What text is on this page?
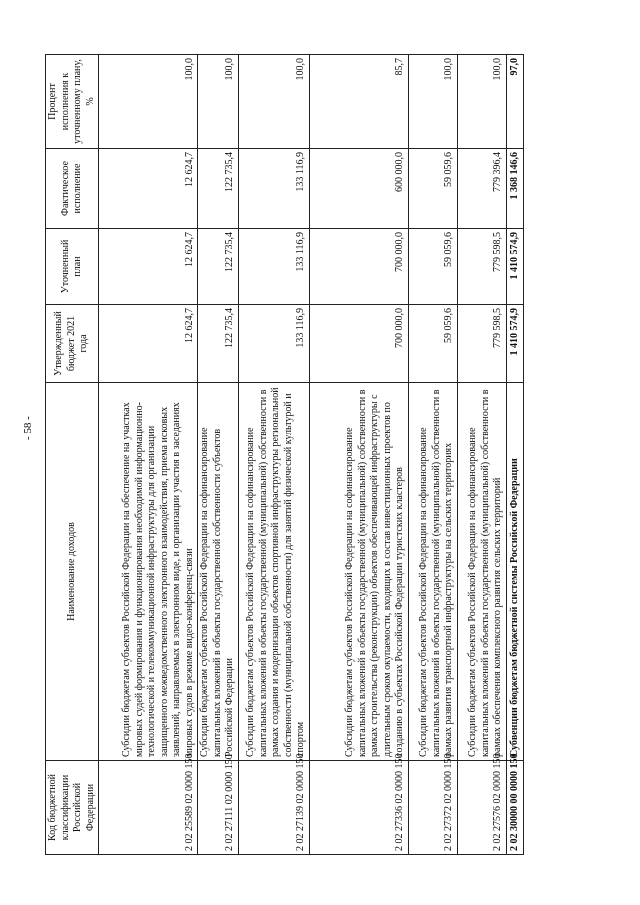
- 58 -
Код бюджетной классификации Российской Федерации	Наименование доходов	Утвержденный бюджет 2021 года	Уточненный план	Фактическое исполнение	Процент исполнения к уточненному плану, %
2 02 25589 02 0000 150	Субсидии бюджетам субъектов Российской Федерации на обеспечение на участках мировых судей формирования и функционирования необходимой информационно-технологической и телекоммуникационной инфраструктуры для организации защищенного межведомственного электронного взаимодействия, приема исковых заявлений, направляемых в электронном виде, и организации участия в заседаниях мировых судов в режиме видео-конференц-связи	12 624,7	12 624,7	12 624,7	100,0
2 02 27111 02 0000 150	Субсидии бюджетам субъектов Российской Федерации на софинансирование капитальных вложений в объекты государственной собственности субъектов Российской Федерации	122 735,4	122 735,4	122 735,4	100,0
2 02 27139 02 0000 150	Субсидии бюджетам субъектов Российской Федерации на софинансирование капитальных вложений в объекты государственной (муниципальной) собственности в рамках создания и модернизации объектов спортивной инфраструктуры региональной собственности (муниципальной собственности) для занятий физической культурой и спортом	133 116,9	133 116,9	133 116,9	100,0
2 02 27336 02 0000 150	Субсидии бюджетам субъектов Российской Федерации на софинансирование капитальных вложений в объекты государственной (муниципальной) собственности в рамках строительства (реконструкции) объектов обеспечивающей инфраструктуры с длительным сроком окупаемости, входящих в состав инвестиционных проектов по созданию в субъектах Российской Федерации туристских кластеров	700 000,0	700 000,0	600 000,0	85,7
2 02 27372 02 0000 150	Субсидии бюджетам субъектов Российской Федерации на софинансирование капитальных вложений в объекты государственной (муниципальной) собственности в рамках развития транспортной инфраструктуры на сельских территориях	59 059,6	59 059,6	59 059,6	100,0
2 02 27576 02 0000 150	Субсидии бюджетам субъектов Российской Федерации на софинансирование капитальных вложений в объекты государственной (муниципальной) собственности в рамках обеспечения комплексного развития сельских территорий	779 598,5	779 598,5	779 396,4	100,0
2 02 30000 00 0000 150	Субвенции бюджетам бюджетной системы Российской Федерации	1 410 574,9	1 410 574,9	1 368 146,6	97,0
